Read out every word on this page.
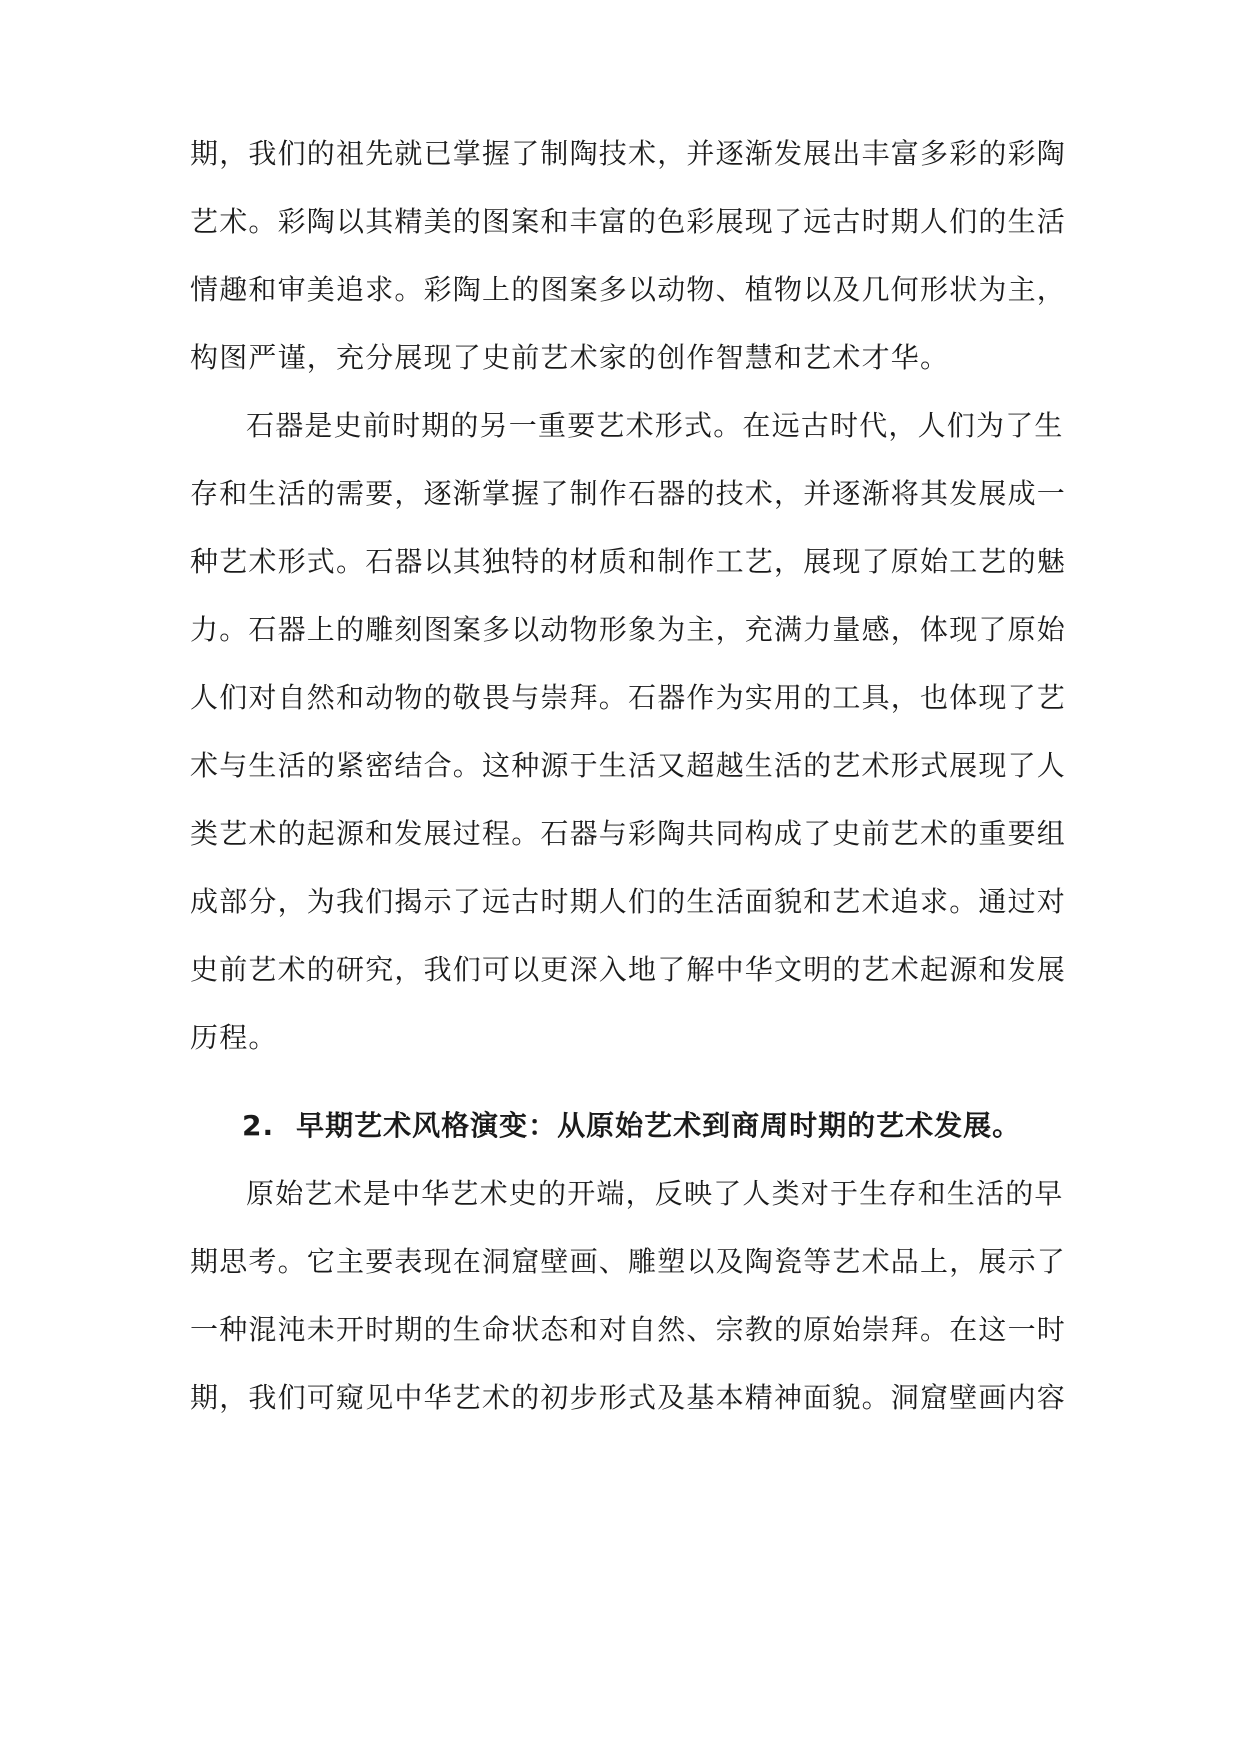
期，我们的祖先就已掌握了制陶技术，并逐渐发展出丰富多彩的彩陶
艺术。彩陶以其精美的图案和丰富的色彩展现了远古时期人们的生活
情趣和审美追求。彩陶上的图案多以动物、植物以及几何形状为主，
构图严谨，充分展现了史前艺术家的创作智慧和艺术才华。
石器是史前时期的另一重要艺术形式。在远古时代，人们为了生
存和生活的需要，逐渐掌握了制作石器的技术，并逐渐将其发展成一
种艺术形式。石器以其独特的材质和制作工艺，展现了原始工艺的魅
力。石器上的雕刻图案多以动物形象为主，充满力量感，体现了原始
人们对自然和动物的敬畏与崇拜。石器作为实用的工具，也体现了艺
术与生活的紧密结合。这种源于生活又超越生活的艺术形式展现了人
类艺术的起源和发展过程。石器与彩陶共同构成了史前艺术的重要组
成部分，为我们揭示了远古时期人们的生活面貌和艺术追求。通过对
史前艺术的研究，我们可以更深入地了解中华文明的艺术起源和发展
历程。
2. 早期艺术风格演变：从原始艺术到商周时期的艺术发展。
原始艺术是中华艺术史的开端，反映了人类对于生存和生活的早
期思考。它主要表现在洞窟壁画、雕塑以及陶瓷等艺术品上，展示了
一种混沌未开时期的生命状态和对自然、宗教的原始崇拜。在这一时
期，我们可窥见中华艺术的初步形式及基本精神面貌。洞窟壁画内容
